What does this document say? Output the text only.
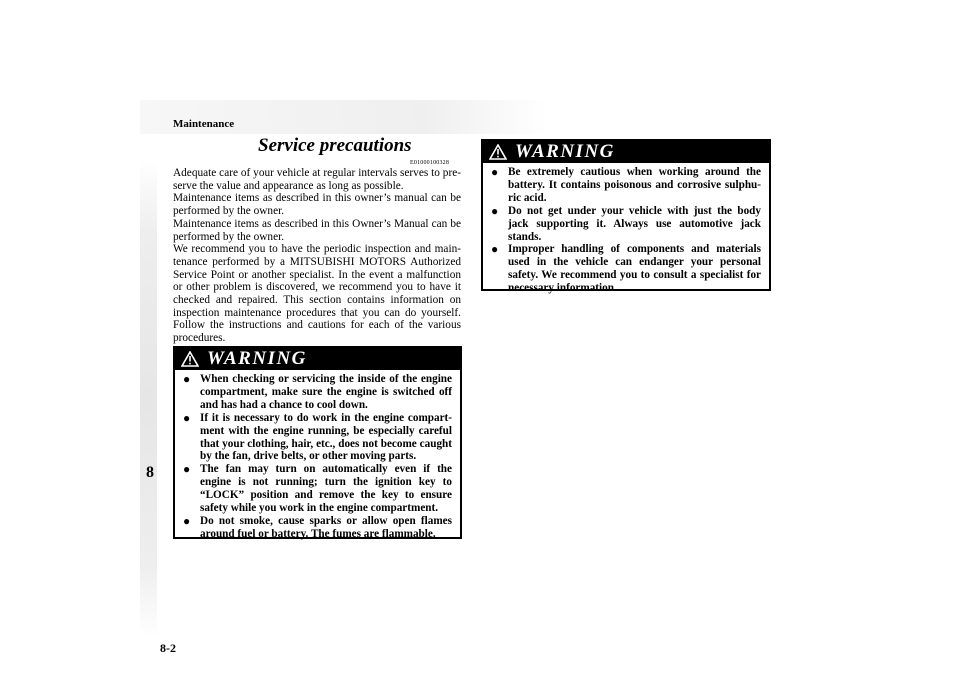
Maintenance
8
8-2
Service precautions
E01000100328

Adequate care of your vehicle at regular intervals serves to pre-serve the value and appearance as long as possible.

Maintenance items as described in this owner’s manual can be performed by the owner.

Maintenance items as described in this Owner’s Manual can be performed by the owner.

We recommend you to have the periodic inspection and main-tenance performed by a MITSUBISHI MOTORS Authorized Service Point or another specialist. In the event a malfunction or other problem is discovered, we recommend you to have it checked and repaired. This section contains information on inspection maintenance procedures that you can do yourself. Follow the instructions and cautions for each of the various procedures.

WARNING
● When checking or servicing the inside of the engine compartment, make sure the engine is switched off and has had a chance to cool down.
● If it is necessary to do work in the engine compart-ment with the engine running, be especially careful that your clothing, hair, etc., does not become caught by the fan, drive belts, or other moving parts.
● The fan may turn on automatically even if the engine is not running; turn the ignition key to “LOCK” position and remove the key to ensure safety while you work in the engine compartment.
● Do not smoke, cause sparks or allow open flames around fuel or battery. The fumes are flammable.
WARNING
● Be extremely cautious when working around the battery. It contains poisonous and corrosive sulphu-ric acid.
● Do not get under your vehicle with just the body jack supporting it. Always use automotive jack stands.
● Improper handling of components and materials used in the vehicle can endanger your personal safety. We recommend you to consult a specialist for necessary information.
